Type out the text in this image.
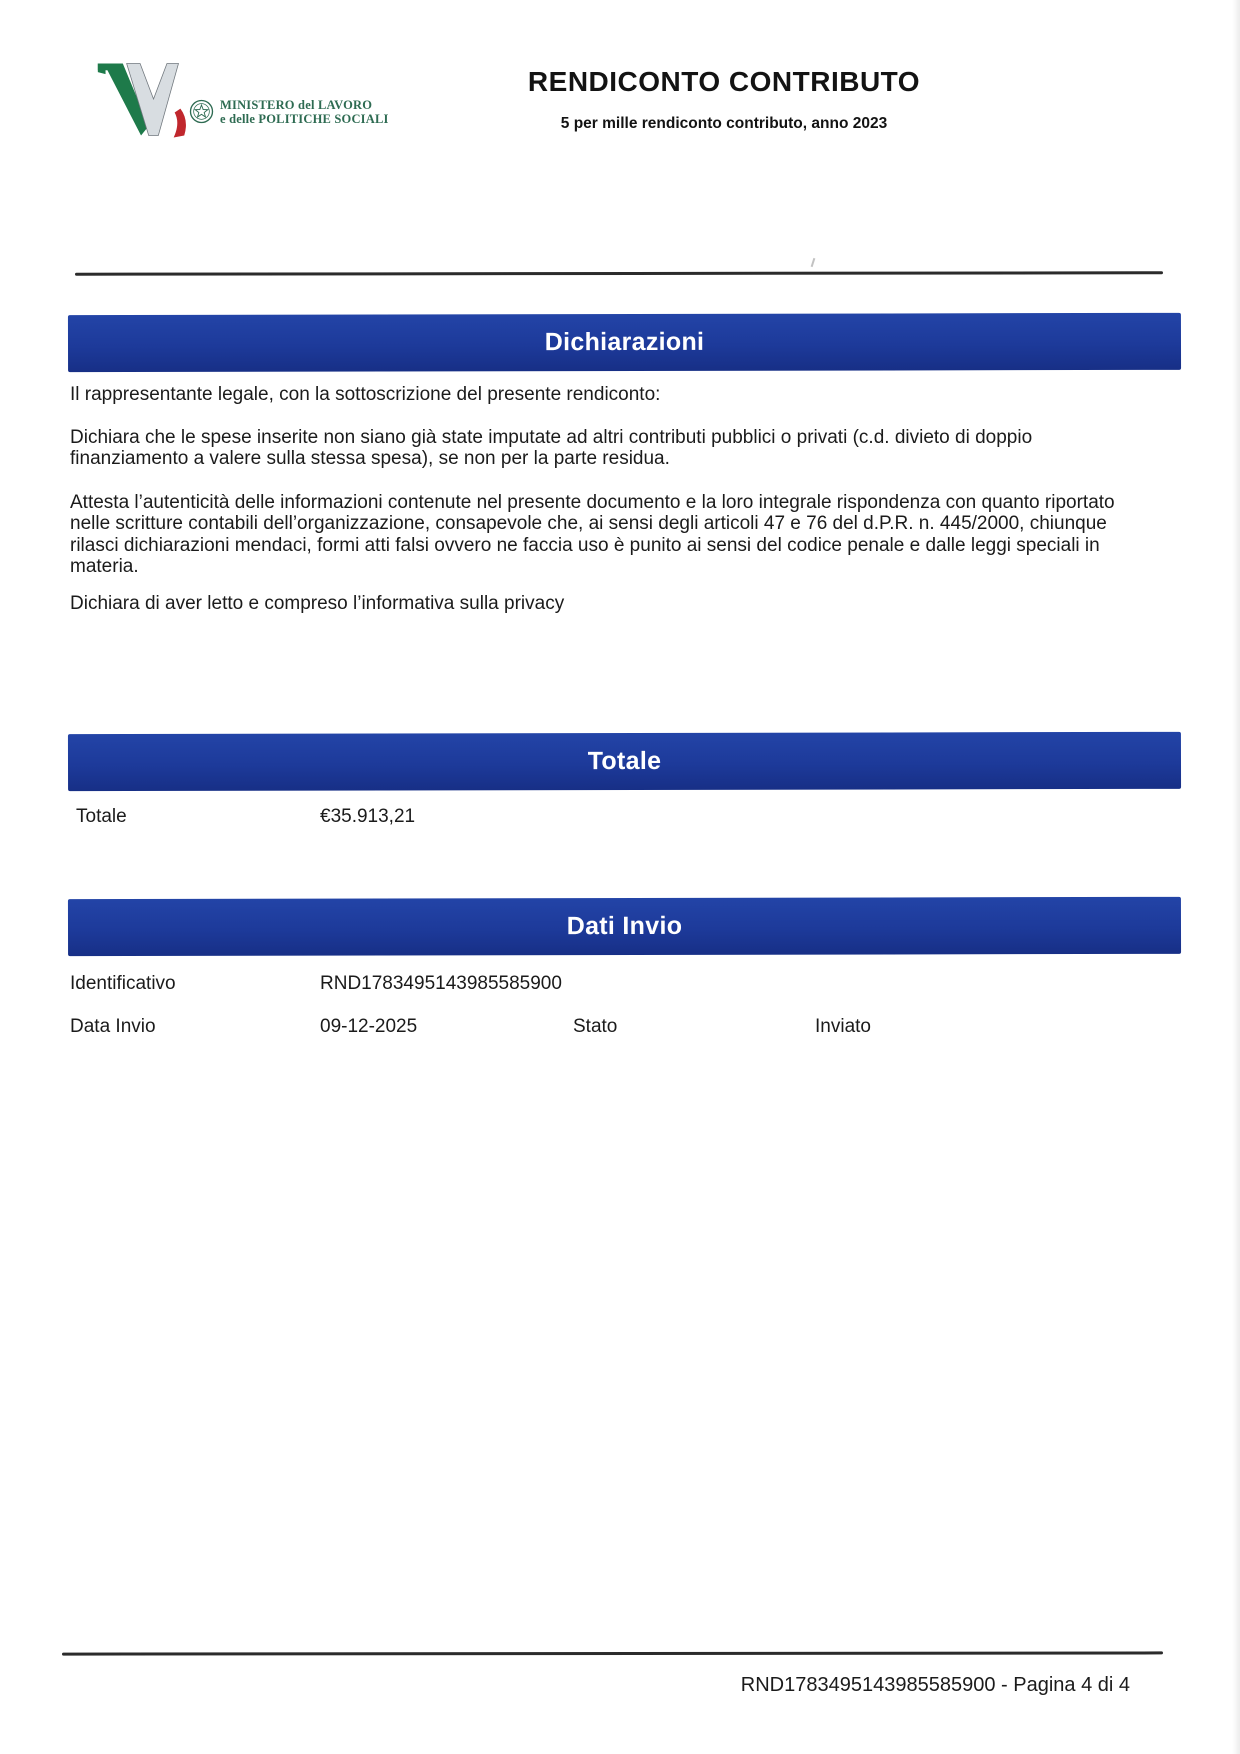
MINISTERO del LAVORO
e delle POLITICHE SOCIALI
RENDICONTO CONTRIBUTO
5 per mille rendiconto contributo, anno 2023
Dichiarazioni

Il rappresentante legale, con la sottoscrizione del presente rendiconto:

Dichiara che le spese inserite non siano già state imputate ad altri contributi pubblici o privati (c.d. divieto di doppio finanziamento a valere sulla stessa spesa), se non per la parte residua.

Attesta l’autenticità delle informazioni contenute nel presente documento e la loro integrale rispondenza con quanto riportato nelle scritture contabili dell’organizzazione, consapevole che, ai sensi degli articoli 47 e 76 del d.P.R. n. 445/2000, chiunque rilasci dichiarazioni mendaci, formi atti falsi ovvero ne faccia uso è punito ai sensi del codice penale e dalle leggi speciali in materia.

Dichiara di aver letto e compreso l’informativa sulla privacy

Totale
Totale	€35.913,21
Dati Invio
Identificativo	RND1783495143985585900
Data Invio	09-12-2025	Stato	Inviato
RND1783495143985585900 - Pagina 4 di 4
